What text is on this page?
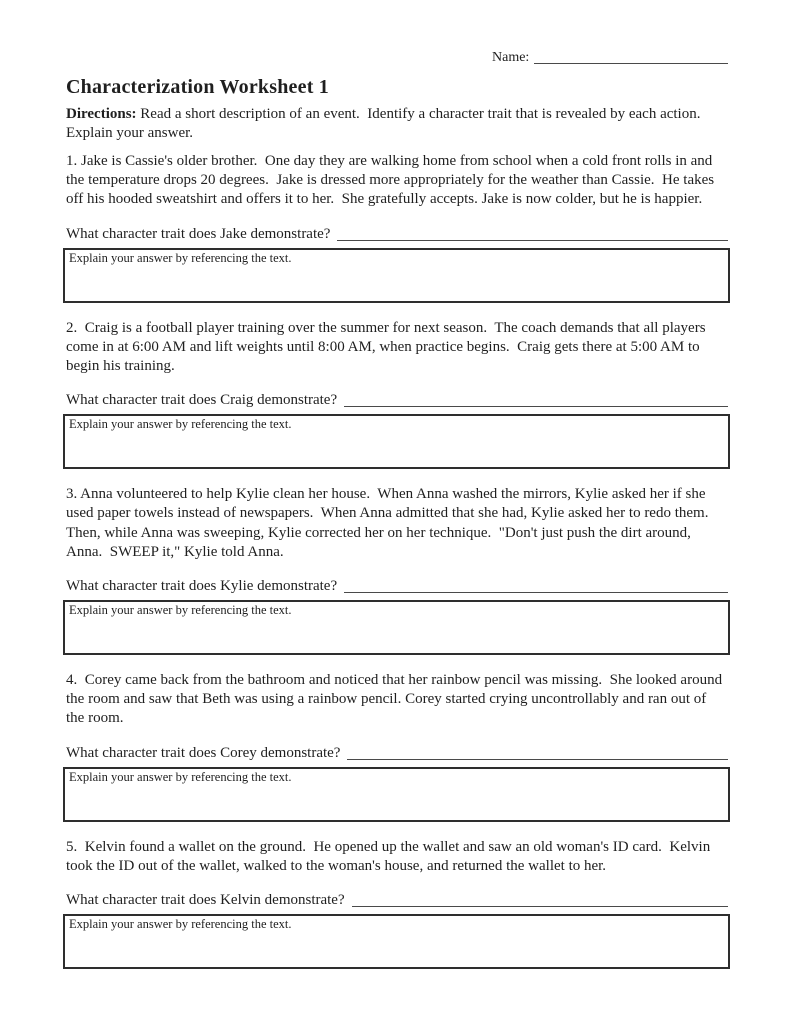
Name:
Characterization Worksheet 1

Directions: Read a short description of an event.  Identify a character trait that is revealed by each action.  Explain your answer.

1. Jake is Cassie's older brother.  One day they are walking home from school when a cold front rolls in and the temperature drops 20 degrees.  Jake is dressed more appropriately for the weather than Cassie.  He takes off his hooded sweatshirt and offers it to her.  She gratefully accepts. Jake is now colder, but he is happier.

What character trait does Jake demonstrate?
Explain your answer by referencing the text.

2.  Craig is a football player training over the summer for next season.  The coach demands that all players come in at 6:00 AM and lift weights until 8:00 AM, when practice begins.  Craig gets there at 5:00 AM to begin his training.

What character trait does Craig demonstrate?
Explain your answer by referencing the text.

3. Anna volunteered to help Kylie clean her house.  When Anna washed the mirrors, Kylie asked her if she used paper towels instead of newspapers.  When Anna admitted that she had, Kylie asked her to redo them.  Then, while Anna was sweeping, Kylie corrected her on her technique.  "Don't just push the dirt around, Anna.  SWEEP it," Kylie told Anna.

What character trait does Kylie demonstrate?
Explain your answer by referencing the text.

4.  Corey came back from the bathroom and noticed that her rainbow pencil was missing.  She looked around the room and saw that Beth was using a rainbow pencil. Corey started crying uncontrollably and ran out of the room.

What character trait does Corey demonstrate?
Explain your answer by referencing the text.

5.  Kelvin found a wallet on the ground.  He opened up the wallet and saw an old woman's ID card.  Kelvin took the ID out of the wallet, walked to the woman's house, and returned the wallet to her.

What character trait does Kelvin demonstrate?
Explain your answer by referencing the text.
